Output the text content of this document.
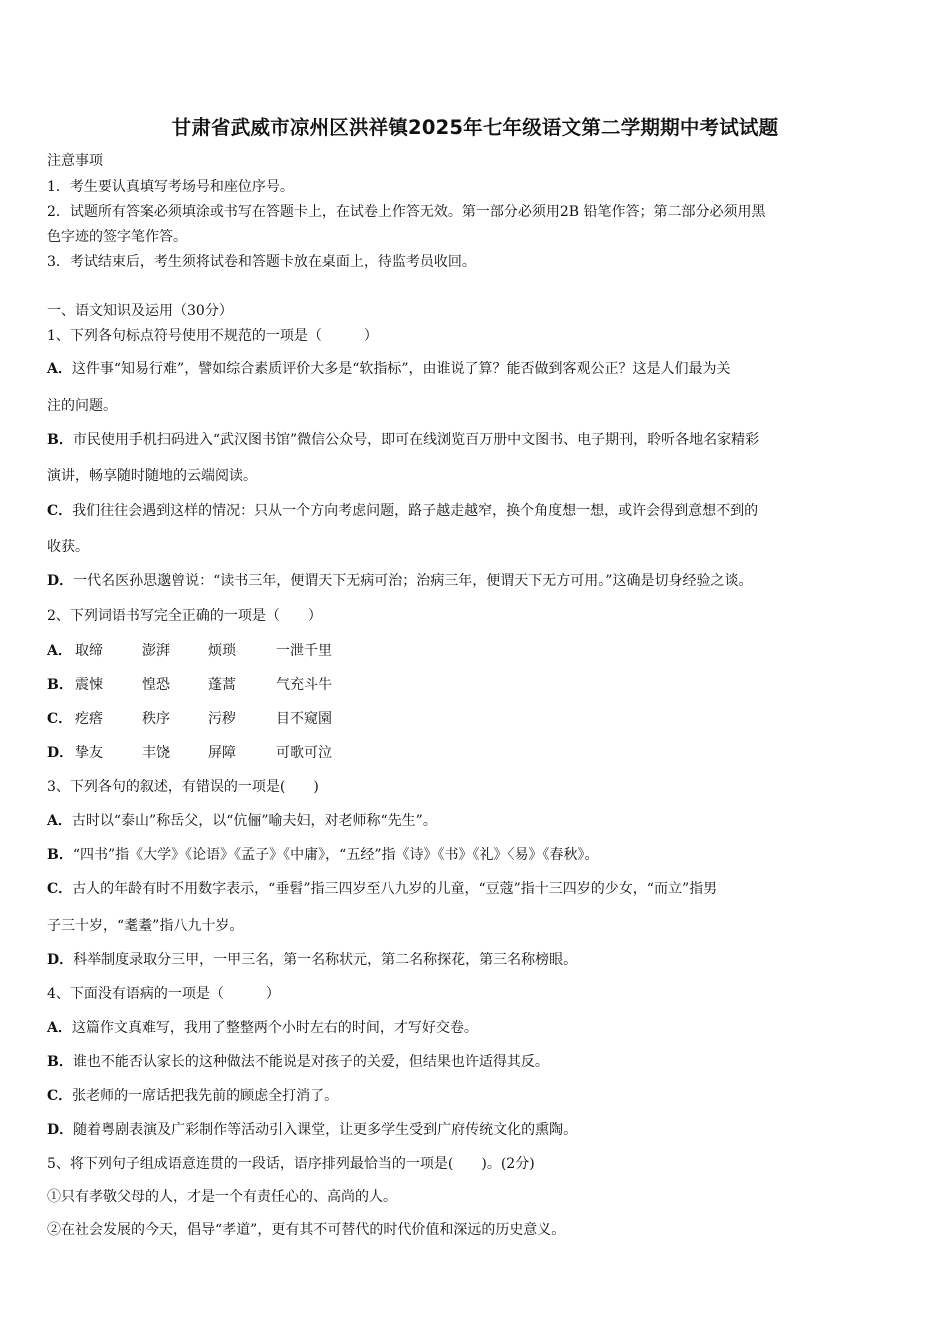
甘肃省武威市凉州区洪祥镇2025年七年级语文第二学期期中考试试题
注意事项
1．考生要认真填写考场号和座位序号。
2．试题所有答案必须填涂或书写在答题卡上，在试卷上作答无效。第一部分必须用2B 铅笔作答；第二部分必须用黑
色字迹的签字笔作答。
3．考试结束后，考生须将试卷和答题卡放在桌面上，待监考员收回。
一、语文知识及运用（30分）
1、下列各句标点符号使用不规范的一项是（　　　）
A．这件事“知易行难”，譬如综合素质评价大多是“软指标”，由谁说了算？能否做到客观公正？这是人们最为关
注的问题。
B．市民使用手机扫码进入“武汉图书馆”微信公众号，即可在线浏览百万册中文图书、电子期刊，聆听各地名家精彩
演讲，畅享随时随地的云端阅读。
C．我们往往会遇到这样的情况：只从一个方向考虑问题，路子越走越窄，换个角度想一想，或许会得到意想不到的
收获。
D．一代名医孙思邈曾说：“读书三年，便谓天下无病可治；治病三年，便谓天下无方可用。”这确是切身经验之谈。
2、下列词语书写完全正确的一项是（　　）
A． 取缔	澎湃	烦琐	一泄千里
B． 震悚	惶恐	蓬蒿	气充斗牛
C． 疙瘩	秩序	污秽	目不窥園
D． 挚友	丰饶	屏障	可歌可泣
3、下列各句的叙述，有错误的一项是(　　)
A．古时以“泰山”称岳父，以“伉俪”喻夫妇，对老师称“先生”。
B．“四书”指《大学》《论语》《孟子》《中庸》，“五经”指《诗》《书》《礼》〈易》《春秋》。
C．古人的年龄有时不用数字表示，“垂髫”指三四岁至八九岁的儿童，“豆蔻”指十三四岁的少女，“而立”指男
子三十岁，“耄耋”指八九十岁。
D．科举制度录取分三甲，一甲三名，第一名称状元，第二名称探花，第三名称榜眼。
4、下面没有语病的一项是（　　　）
A．这篇作文真难写，我用了整整两个小时左右的时间，才写好交卷。
B．谁也不能否认家长的这种做法不能说是对孩子的关爱，但结果也许适得其反。
C．张老师的一席话把我先前的顾虑全打消了。
D．随着粤剧表演及广彩制作等活动引入课堂，让更多学生受到广府传统文化的熏陶。
5、将下列句子组成语意连贯的一段话，语序排列最恰当的一项是(　　)。(2分)
①只有孝敬父母的人，才是一个有责任心的、高尚的人。
②在社会发展的今天，倡导“孝道”，更有其不可替代的时代价值和深远的历史意义。
